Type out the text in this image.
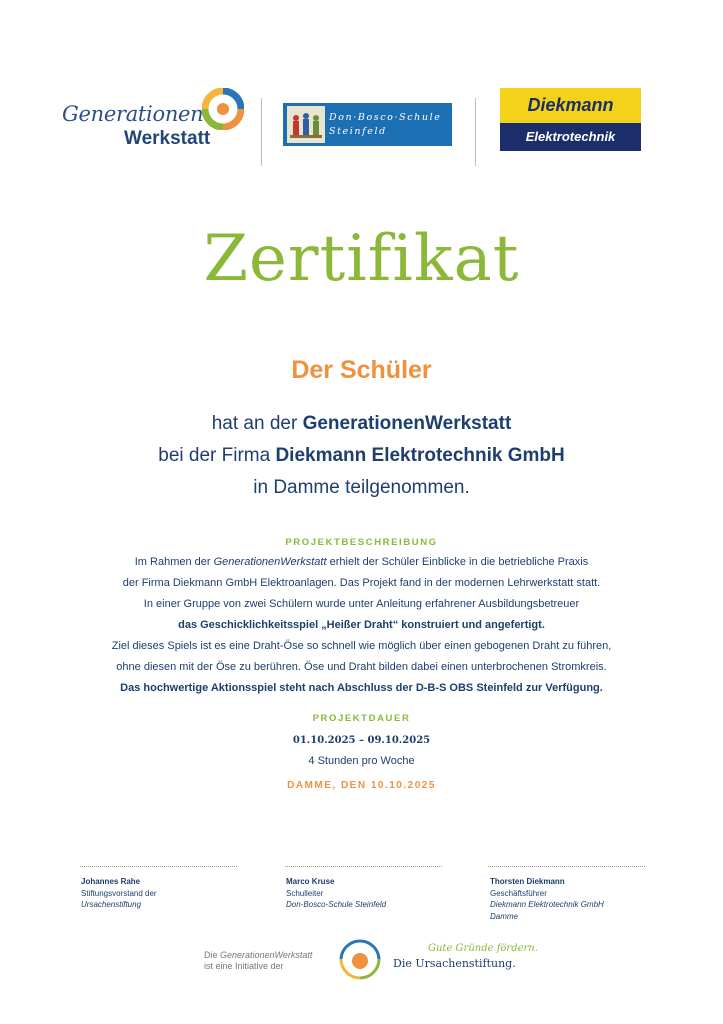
Generationen
Werkstatt
Don·Bosco·Schule
Steinfeld
Diekmann
Elektrotechnik
Zertifikat
Der Schüler
hat an der GenerationenWerkstatt
bei der Firma Diekmann Elektrotechnik GmbH
in Damme teilgenommen.
PROJEKTBESCHREIBUNG
Im Rahmen der GenerationenWerkstatt erhielt der Schüler Einblicke in die betriebliche Praxis
der Firma Diekmann GmbH Elektroanlagen. Das Projekt fand in der modernen Lehrwerkstatt statt.
In einer Gruppe von zwei Schülern wurde unter Anleitung erfahrener Ausbildungsbetreuer
das Geschicklichkeitsspiel „Heißer Draht“ konstruiert und angefertigt.
Ziel dieses Spiels ist es eine Draht-Öse so schnell wie möglich über einen gebogenen Draht zu führen,
ohne diesen mit der Öse zu berühren. Öse und Draht bilden dabei einen unterbrochenen Stromkreis.
Das hochwertige Aktionsspiel steht nach Abschluss der D-B-S OBS Steinfeld zur Verfügung.
PROJEKTDAUER
01.10.2025 – 09.10.2025
4 Stunden pro Woche
DAMME, DEN 10.10.2025
Johannes Rahe
Stiftungsvorstand der
Ursachenstiftung
Marco Kruse
Schulleiter
Don-Bosco-Schule Steinfeld
Thorsten Diekmann
Geschäftsführer
Diekmann Elektrotechnik GmbH
Damme
Die GenerationenWerkstatt
ist eine Initiative der
Gute Gründe fördern.
Die Ursachenstiftung.
